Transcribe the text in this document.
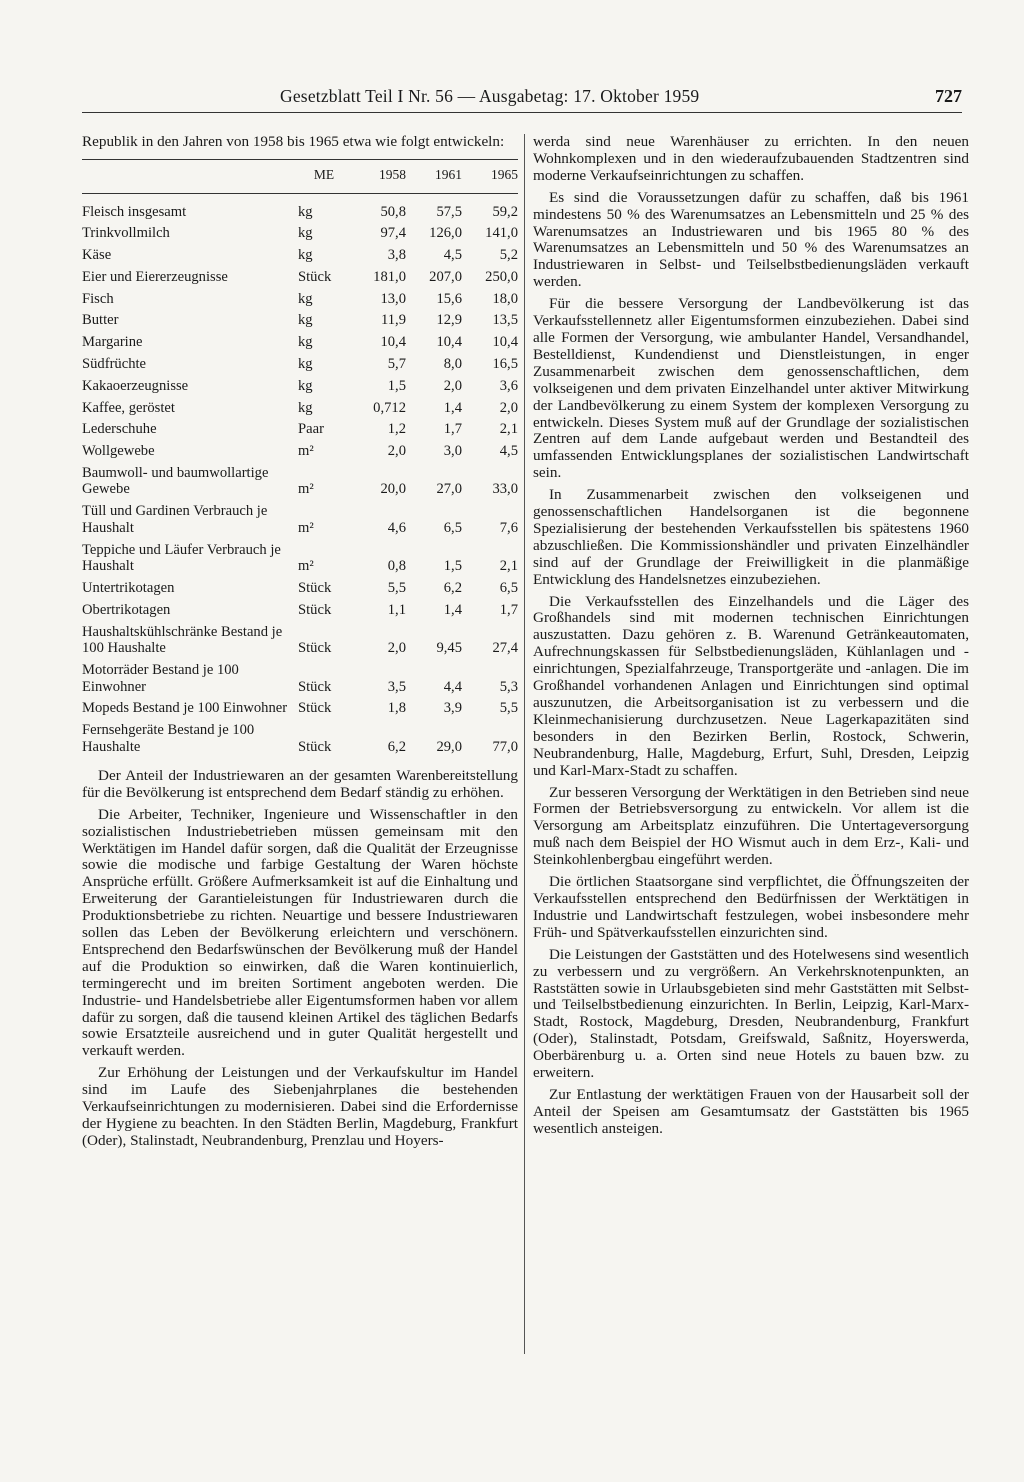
Gesetzblatt Teil I Nr. 56 — Ausgabetag: 17. Oktober 1959	727

Republik in den Jahren von 1958 bis 1965 etwa wie folgt entwickeln:

	ME	1958	1961	1965
Fleisch insgesamt	kg	50,8	57,5	59,2
Trinkvollmilch	kg	97,4	126,0	141,0
Käse	kg	3,8	4,5	5,2
Eier und Eiererzeugnisse	Stück	181,0	207,0	250,0
Fisch	kg	13,0	15,6	18,0
Butter	kg	11,9	12,9	13,5
Margarine	kg	10,4	10,4	10,4
Südfrüchte	kg	5,7	8,0	16,5
Kakaoerzeugnisse	kg	1,5	2,0	3,6
Kaffee, geröstet	kg	0,712	1,4	2,0
Lederschuhe	Paar	1,2	1,7	2,1
Wollgewebe	m²	2,0	3,0	4,5
Baumwoll- und baumwollartige Gewebe	m²	20,0	27,0	33,0
Tüll und Gardinen Verbrauch je Haushalt	m²	4,6	6,5	7,6
Teppiche und Läufer Verbrauch je Haushalt	m²	0,8	1,5	2,1
Untertrikotagen	Stück	5,5	6,2	6,5
Obertrikotagen	Stück	1,1	1,4	1,7
Haushaltskühlschränke Bestand je 100 Haushalte	Stück	2,0	9,45	27,4
Motorräder Bestand je 100 Einwohner	Stück	3,5	4,4	5,3
Mopeds Bestand je 100 Einwohner	Stück	1,8	3,9	5,5
Fernsehgeräte Bestand je 100 Haushalte	Stück	6,2	29,0	77,0

Der Anteil der Industriewaren an der gesamten Warenbereitstellung für die Bevölkerung ist entsprechend dem Bedarf ständig zu erhöhen.

Die Arbeiter, Techniker, Ingenieure und Wissenschaftler in den sozialistischen Industriebetrieben müssen gemeinsam mit den Werktätigen im Handel dafür sorgen, daß die Qualität der Erzeugnisse sowie die modische und farbige Gestaltung der Waren höchste Ansprüche erfüllt. Größere Aufmerksamkeit ist auf die Einhaltung und Erweiterung der Garantieleistungen für Industriewaren durch die Produktionsbetriebe zu richten. Neuartige und bessere Industriewaren sollen das Leben der Bevölkerung erleichtern und verschönern. Entsprechend den Bedarfswünschen der Bevölkerung muß der Handel auf die Produktion so einwirken, daß die Waren kontinuierlich, termingerecht und im breiten Sortiment angeboten werden. Die Industrie- und Handelsbetriebe aller Eigentumsformen haben vor allem dafür zu sorgen, daß die tausend kleinen Artikel des täglichen Bedarfs sowie Ersatzteile ausreichend und in guter Qualität hergestellt und verkauft werden.

Zur Erhöhung der Leistungen und der Verkaufskultur im Handel sind im Laufe des Siebenjahrplanes die bestehenden Verkaufseinrichtungen zu modernisieren. Dabei sind die Erfordernisse der Hygiene zu beachten. In den Städten Berlin, Magdeburg, Frankfurt (Oder), Stalinstadt, Neubrandenburg, Prenzlau und Hoyers-

werda sind neue Warenhäuser zu errichten. In den neuen Wohnkomplexen und in den wiederaufzubauenden Stadtzentren sind moderne Verkaufseinrichtungen zu schaffen.

Es sind die Voraussetzungen dafür zu schaffen, daß bis 1961 mindestens 50 % des Warenumsatzes an Lebensmitteln und 25 % des Warenumsatzes an Industriewaren und bis 1965 80 % des Warenumsatzes an Lebensmitteln und 50 % des Warenumsatzes an Industriewaren in Selbst- und Teilselbstbedienungsläden verkauft werden.

Für die bessere Versorgung der Landbevölkerung ist das Verkaufsstellennetz aller Eigentumsformen einzubeziehen. Dabei sind alle Formen der Versorgung, wie ambulanter Handel, Versandhandel, Bestelldienst, Kundendienst und Dienstleistungen, in enger Zusammenarbeit zwischen dem genossenschaftlichen, dem volkseigenen und dem privaten Einzelhandel unter aktiver Mitwirkung der Landbevölkerung zu einem System der komplexen Versorgung zu entwickeln. Dieses System muß auf der Grundlage der sozialistischen Zentren auf dem Lande aufgebaut werden und Bestandteil des umfassenden Entwicklungsplanes der sozialistischen Landwirtschaft sein.

In Zusammenarbeit zwischen den volkseigenen und genossenschaftlichen Handelsorganen ist die begonnene Spezialisierung der bestehenden Verkaufsstellen bis spätestens 1960 abzuschließen. Die Kommissionshändler und privaten Einzelhändler sind auf der Grundlage der Freiwilligkeit in die planmäßige Entwicklung des Handelsnetzes einzubeziehen.

Die Verkaufsstellen des Einzelhandels und die Läger des Großhandels sind mit modernen technischen Einrichtungen auszustatten. Dazu gehören z. B. Warenund Getränkeautomaten, Aufrechnungskassen für Selbstbedienungsläden, Kühlanlagen und -einrichtungen, Spezialfahrzeuge, Transportgeräte und -anlagen. Die im Großhandel vorhandenen Anlagen und Einrichtungen sind optimal auszunutzen, die Arbeitsorganisation ist zu verbessern und die Kleinmechanisierung durchzusetzen. Neue Lagerkapazitäten sind besonders in den Bezirken Berlin, Rostock, Schwerin, Neubrandenburg, Halle, Magdeburg, Erfurt, Suhl, Dresden, Leipzig und Karl-Marx-Stadt zu schaffen.

Zur besseren Versorgung der Werktätigen in den Betrieben sind neue Formen der Betriebsversorgung zu entwickeln. Vor allem ist die Versorgung am Arbeitsplatz einzuführen. Die Untertageversorgung muß nach dem Beispiel der HO Wismut auch in dem Erz-, Kali- und Steinkohlenbergbau eingeführt werden.

Die örtlichen Staatsorgane sind verpflichtet, die Öffnungszeiten der Verkaufsstellen entsprechend den Bedürfnissen der Werktätigen in Industrie und Landwirtschaft festzulegen, wobei insbesondere mehr Früh- und Spätverkaufsstellen einzurichten sind.

Die Leistungen der Gaststätten und des Hotelwesens sind wesentlich zu verbessern und zu vergrößern. An Verkehrsknotenpunkten, an Raststätten sowie in Urlaubsgebieten sind mehr Gaststätten mit Selbst- und Teilselbstbedienung einzurichten. In Berlin, Leipzig, Karl-Marx-Stadt, Rostock, Magdeburg, Dresden, Neubrandenburg, Frankfurt (Oder), Stalinstadt, Potsdam, Greifswald, Saßnitz, Hoyerswerda, Oberbärenburg u. a. Orten sind neue Hotels zu bauen bzw. zu erweitern.

Zur Entlastung der werktätigen Frauen von der Hausarbeit soll der Anteil der Speisen am Gesamtumsatz der Gaststätten bis 1965 wesentlich ansteigen.
